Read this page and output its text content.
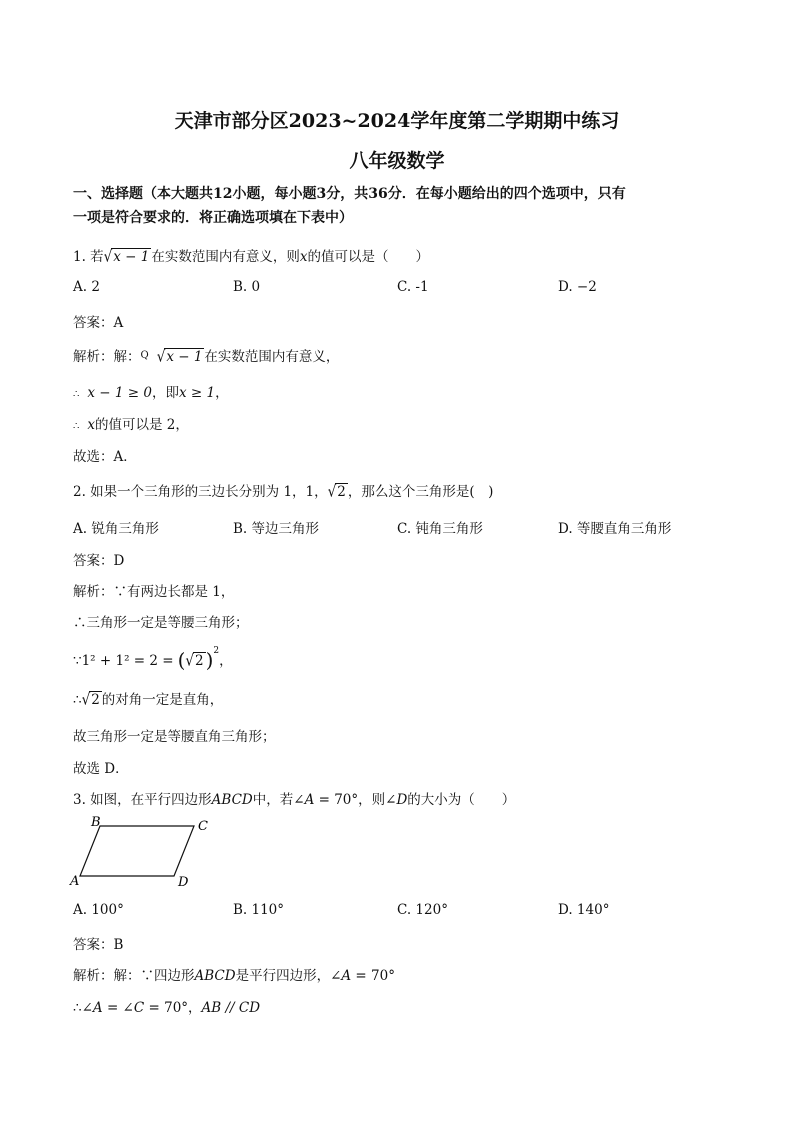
天津市部分区2023~2024学年度第二学期期中练习
八年级数学
一、选择题（本大题共12小题，每小题3分，共36分．在每小题给出的四个选项中，只有
一项是符合要求的．将正确选项填在下表中）
1. 若√x − 1 在实数范围内有意义，则x的值可以是（　　）
A. 2	B. 0	C. -1	D. −2
答案：A
解析：解：$^Q$ √x − 1 在实数范围内有意义，
∴ x − 1 ≥ 0，即x ≥ 1，
∴ x的值可以是 2，
故选：A．
2. 如果一个三角形的三边长分别为 1，1，√2 ，那么这个三角形是(　)
A. 锐角三角形	B. 等边三角形	C. 钝角三角形	D. 等腰直角三角形
答案：D
解析：∵有两边长都是 1，
∴三角形一定是等腰三角形；
∵1² + 1² = 2 = (√2 )$^2$，
∴√2 的对角一定是直角，
故三角形一定是等腰直角三角形；
故选 D．
3. 如图，在平行四边形ABCD中，若∠A = 70°，则∠D的大小为（　　）
B	C
A	D
A. 100°	B. 110°	C. 120°	D. 140°
答案：B
解析：解：∵四边形ABCD是平行四边形，∠A = 70°
∴∠A = ∠C = 70°，AB // CD
